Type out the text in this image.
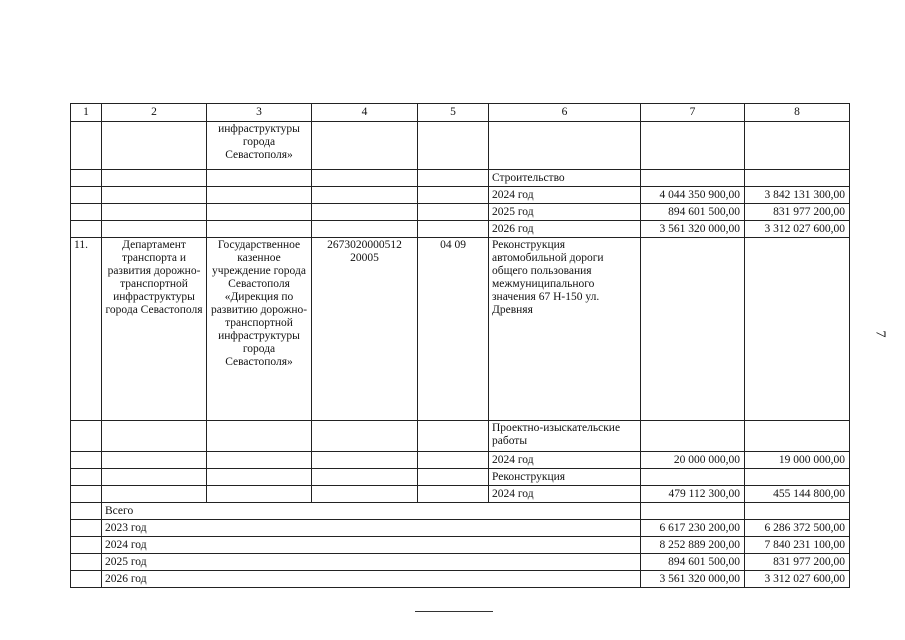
1	2	3	4	5	6	7	8
		инфраструктуры города Севастополя»					
					Строительство		
					2024 год	4 044 350 900,00	3 842 131 300,00
					2025 год	894 601 500,00	831 977 200,00
					2026 год	3 561 320 000,00	3 312 027 600,00
11.	Департамент транспорта и развития дорожно-транспортной инфраструктуры города Севастополя	Государственное казенное учреждение города Севастополя «Дирекция по развитию дорожно-транспортной инфраструктуры города Севастополя»	2673020000512 20005	04 09	Реконструкция автомобильной дороги общего пользования межмуниципального значения 67 Н-150 ул. Древняя		
					Проектно-изыскательские работы		
					2024 год	20 000 000,00	19 000 000,00
					Реконструкция		
					2024 год	479 112 300,00	455 144 800,00
	Всего						
	2023 год					6 617 230 200,00	6 286 372 500,00
	2024 год					8 252 889 200,00	7 840 231 100,00
	2025 год					894 601 500,00	831 977 200,00
	2026 год					3 561 320 000,00	3 312 027 600,00
7
